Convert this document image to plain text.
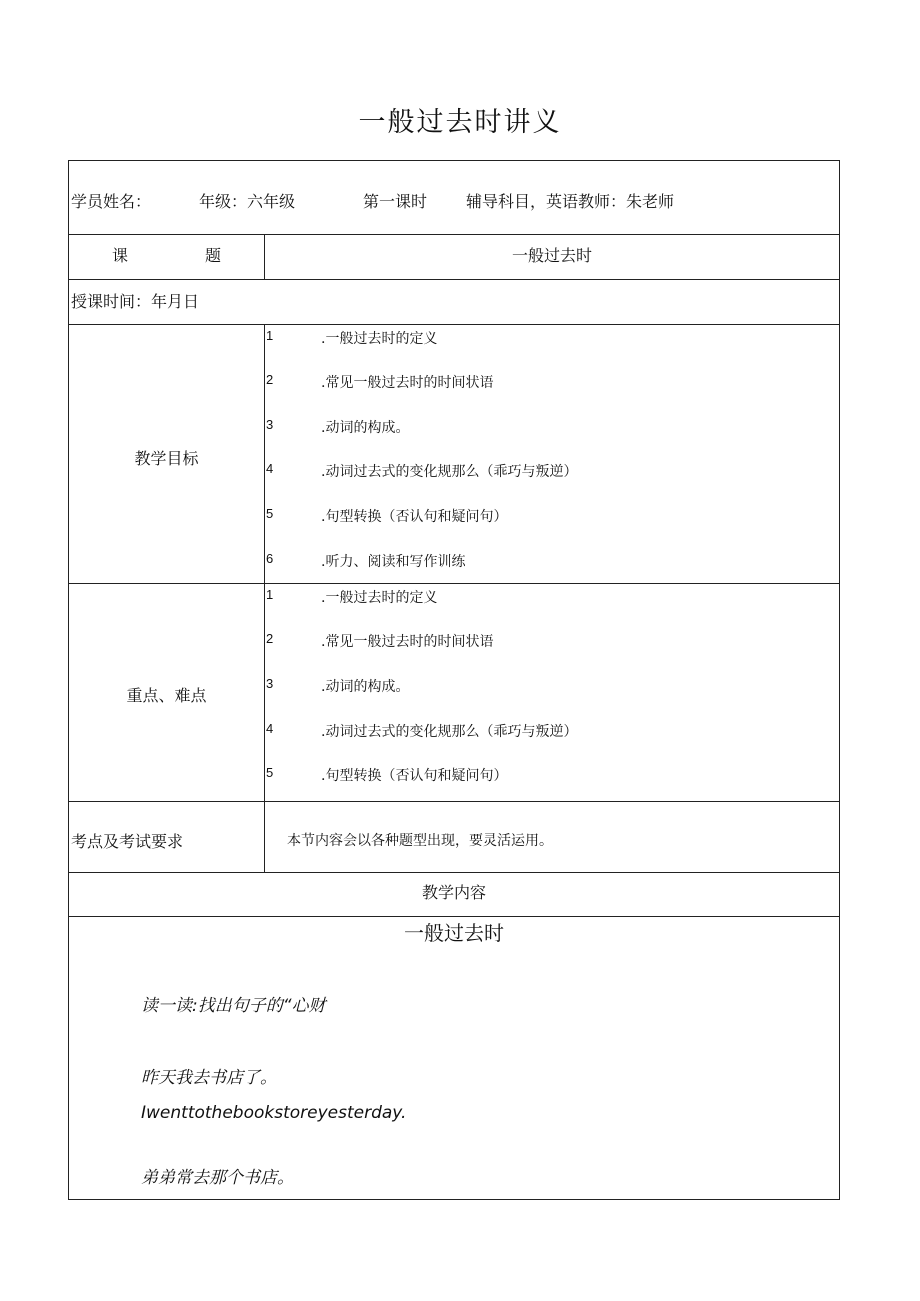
一般过去时讲义
学员姓名：	年级：六年级	第一课时 辅导科目，英语教师：朱老师
课 题	一般过去时
授课时间：年月日
教学目标
1	.一般过去时的定义
2	.常见一般过去时的时间状语
3	.动词的构成。
4	.动词过去式的变化规那么（乖巧与叛逆）
5	.句型转换（否认句和疑问句）
6	.听力、阅读和写作训练
重点、难点
1	.一般过去时的定义
2	.常见一般过去时的时间状语
3	.动词的构成。
4	.动词过去式的变化规那么（乖巧与叛逆）
5	.句型转换（否认句和疑问句）
考点及考试要求	本节内容会以各种题型出现，要灵活运用。
教学内容
一般过去时
读一读:找出句子的“心财
昨天我去书店了。
Iwenttothebookstoreyesterday.
弟弟常去那个书店。
